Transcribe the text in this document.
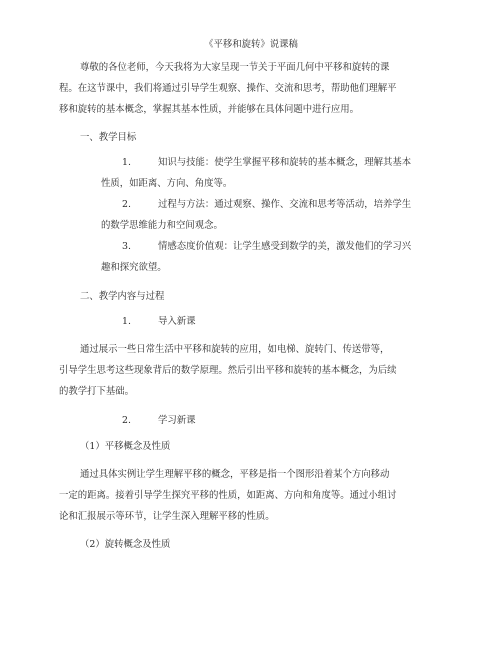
《平移和旋转》说课稿
尊敬的各位老师，今天我将为大家呈现一节关于平面几何中平移和旋转的课
程。在这节课中，我们将通过引导学生观察、操作、交流和思考，帮助他们理解平
移和旋转的基本概念，掌握其基本性质，并能够在具体问题中进行应用。
一、教学目标
1.	知识与技能：使学生掌握平移和旋转的基本概念，理解其基本
性质，如距离、方向、角度等。
2.	过程与方法：通过观察、操作、交流和思考等活动，培养学生
的数学思维能力和空间观念。
3.	情感态度价值观：让学生感受到数学的美，激发他们的学习兴
趣和探究欲望。
二、教学内容与过程
1.	导入新课
通过展示一些日常生活中平移和旋转的应用，如电梯、旋转门、传送带等，
引导学生思考这些现象背后的数学原理。然后引出平移和旋转的基本概念，为后续
的教学打下基础。
2.	学习新课
（1）平移概念及性质
通过具体实例让学生理解平移的概念，平移是指一个图形沿着某个方向移动
一定的距离。接着引导学生探究平移的性质，如距离、方向和角度等。通过小组讨
论和汇报展示等环节，让学生深入理解平移的性质。
（2）旋转概念及性质
